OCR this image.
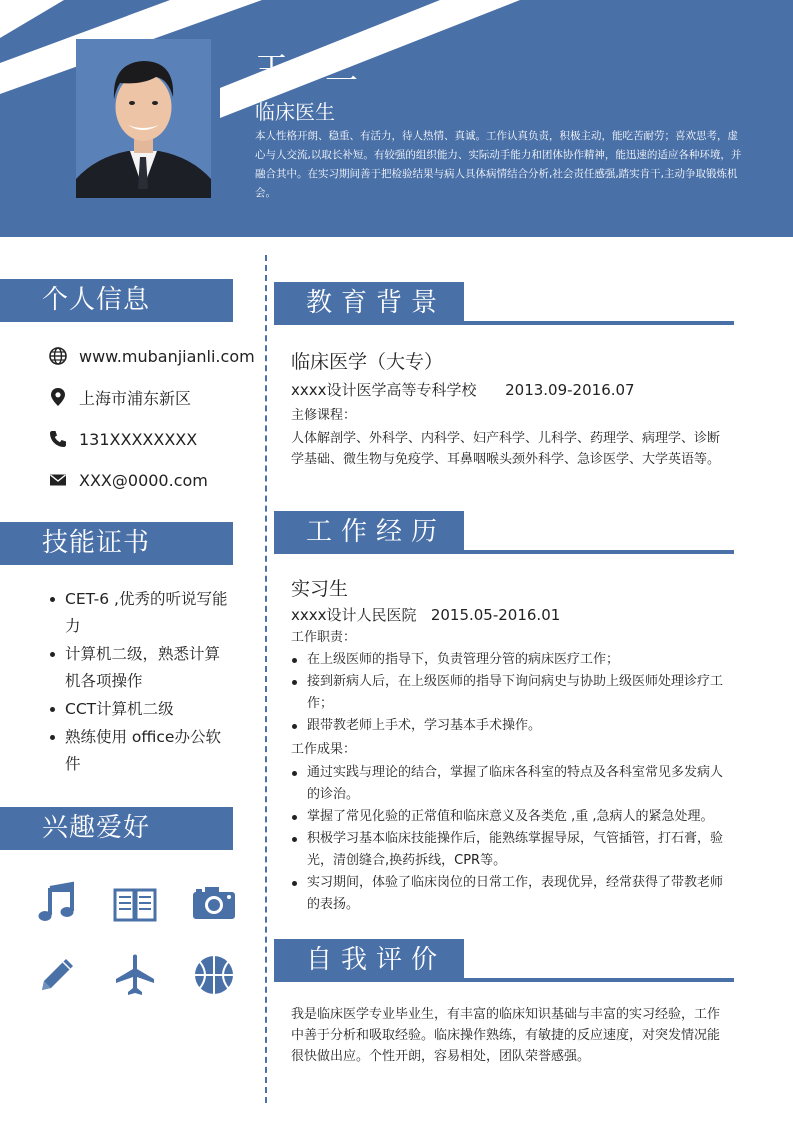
王小二
临床医生
本人性格开朗、稳重、有活力，待人热情、真诚。工作认真负责，积极主动，能吃苦耐劳；喜欢思考，虚心与人交流,以取长补短。有较强的组织能力、实际动手能力和团体协作精神，能迅速的适应各种环境，并融合其中。在实习期间善于把检验结果与病人具体病情结合分析,社会责任感强,踏实肯干,主动争取锻炼机会。
个人信息
www.mubanjianli.com
上海市浦东新区
131XXXXXXXX
XXX@0000.com
技能证书
CET-6 ,优秀的听说写能力
计算机二级，熟悉计算机各项操作
CCT计算机二级
熟练使用 office办公软件
兴趣爱好
教育背景
临床医学（大专）
xxxx设计医学高等专科学校      2013.09-2016.07
主修课程：
人体解剖学、外科学、内科学、妇产科学、儿科学、药理学、病理学、诊断学基础、微生物与免疫学、耳鼻咽喉头颈外科学、急诊医学、大学英语等。
工作经历
实习生
xxxx设计人民医院   2015.05-2016.01
工作职责：
在上级医师的指导下，负责管理分管的病床医疗工作；
接到新病人后，在上级医师的指导下询问病史与协助上级医师处理诊疗工作；
跟带教老师上手术，学习基本手术操作。
工作成果：
通过实践与理论的结合，掌握了临床各科室的特点及各科室常见多发病人的诊治。
掌握了常见化验的正常值和临床意义及各类危 ,重 ,急病人的紧急处理。
积极学习基本临床技能操作后，能熟练掌握导尿，气管插管，打石膏，验光，清创缝合,换药拆线，CPR等。
实习期间，体验了临床岗位的日常工作，表现优异，经常获得了带教老师的表扬。
自我评价
我是临床医学专业毕业生，有丰富的临床知识基础与丰富的实习经验，工作中善于分析和吸取经验。临床操作熟练，有敏捷的反应速度，对突发情况能很快做出应。个性开朗，容易相处，团队荣誉感强。
